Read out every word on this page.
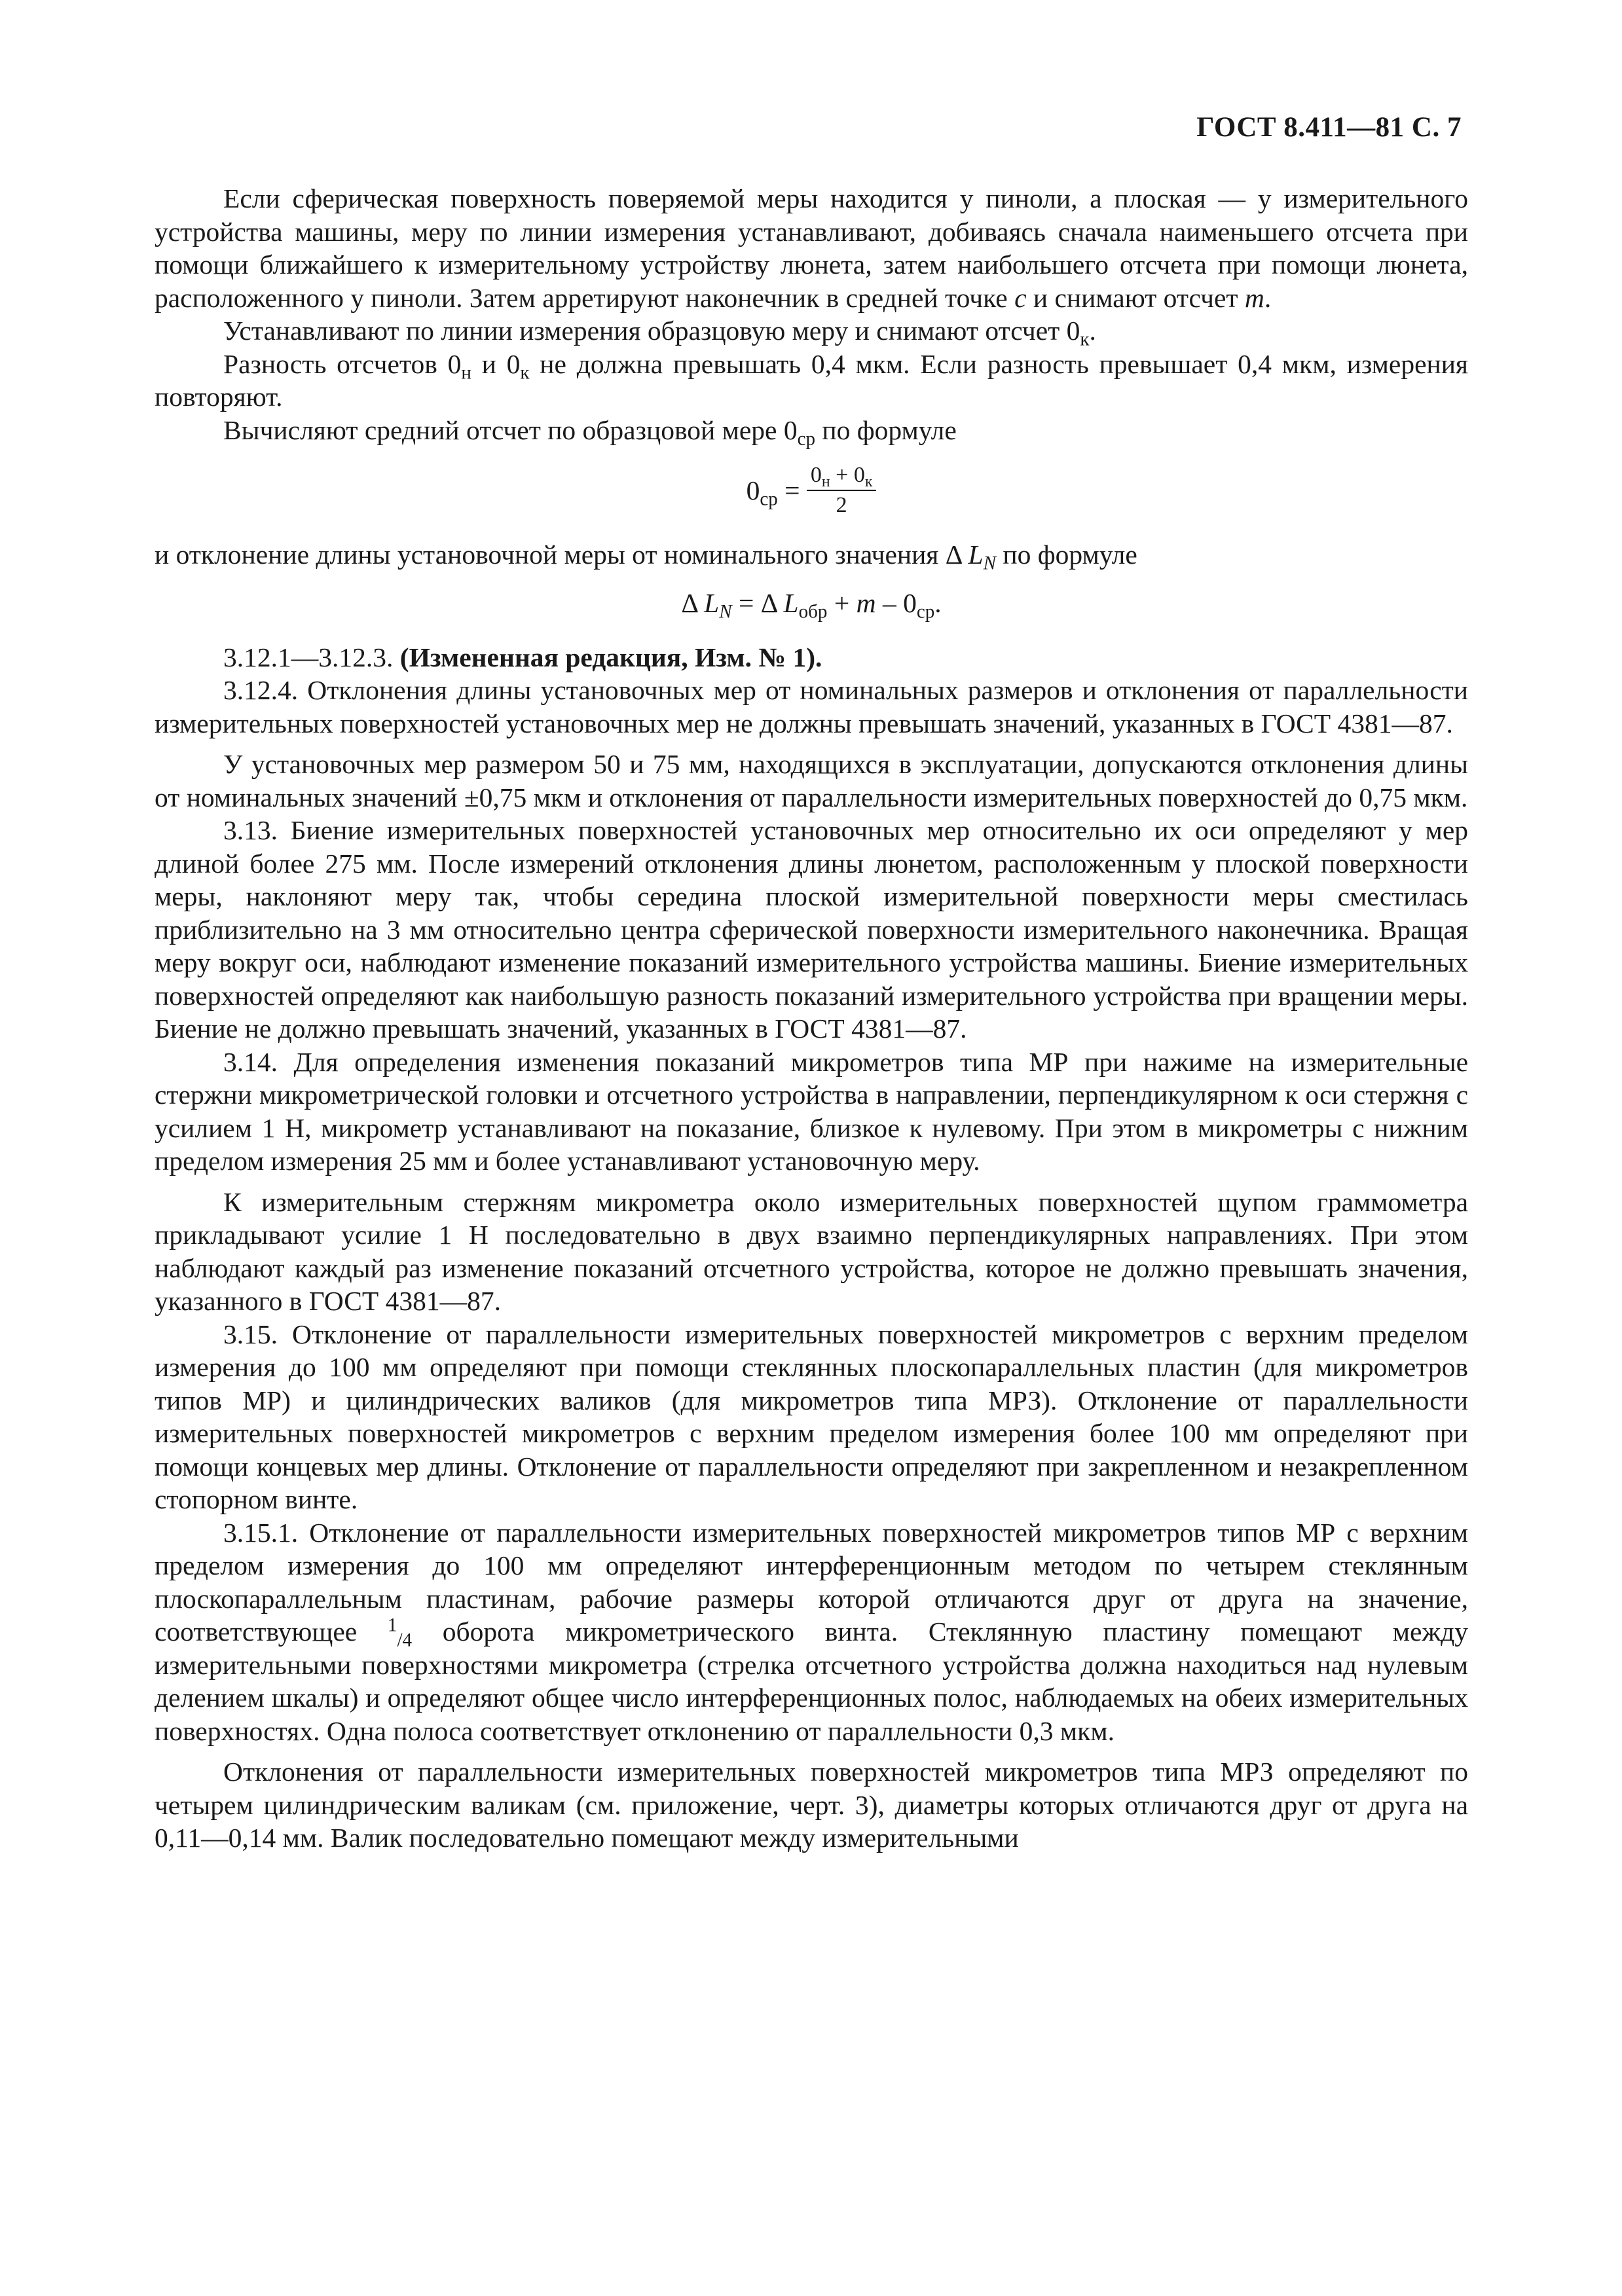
ГОСТ 8.411—81 С. 7

Если сферическая поверхность поверяемой меры находится у пиноли, а плоская — у измерительного устройства машины, меру по линии измерения устанавливают, добиваясь сначала наименьшего отсчета при помощи ближайшего к измерительному устройству люнета, затем наибольшего отсчета при помощи люнета, расположенного у пиноли. Затем арретируют наконечник в средней точке c и снимают отсчет m.

Устанавливают по линии измерения образцовую меру и снимают отсчет $0_к$.

Разность отсчетов $0_н$ и $0_к$ не должна превышать 0,4 мкм. Если разность превышает 0,4 мкм, измерения повторяют.

Вычисляют средний отсчет по образцовой мере $0_{ср}$ по формуле

$0_{ср} = \frac{0_н + 0_к}{2}$

и отклонение длины установочной меры от номинального значения Δ $L_N$ по формуле

Δ $L_N = \Delta$ $L_{обр} + m - 0_{ср}$.

3.12.1—3.12.3. (Измененная редакция, Изм. № 1).

3.12.4. Отклонения длины установочных мер от номинальных размеров и отклонения от параллельности измерительных поверхностей установочных мер не должны превышать значений, указанных в ГОСТ 4381—87.

У установочных мер размером 50 и 75 мм, находящихся в эксплуатации, допускаются отклонения длины от номинальных значений ±0,75 мкм и отклонения от параллельности измерительных поверхностей до 0,75 мкм.

3.13. Биение измерительных поверхностей установочных мер относительно их оси определяют у мер длиной более 275 мм. После измерений отклонения длины люнетом, расположенным у плоской поверхности меры, наклоняют меру так, чтобы середина плоской измерительной поверхности меры сместилась приблизительно на 3 мм относительно центра сферической поверхности измерительного наконечника. Вращая меру вокруг оси, наблюдают изменение показаний измерительного устройства машины. Биение измерительных поверхностей определяют как наибольшую разность показаний измерительного устройства при вращении меры. Биение не должно превышать значений, указанных в ГОСТ 4381—87.

3.14. Для определения изменения показаний микрометров типа МР при нажиме на измерительные стержни микрометрической головки и отсчетного устройства в направлении, перпендикулярном к оси стержня с усилием 1 Н, микрометр устанавливают на показание, близкое к нулевому. При этом в микрометры с нижним пределом измерения 25 мм и более устанавливают установочную меру.

К измерительным стержням микрометра около измерительных поверхностей щупом граммометра прикладывают усилие 1 Н последовательно в двух взаимно перпендикулярных направлениях. При этом наблюдают каждый раз изменение показаний отсчетного устройства, которое не должно превышать значения, указанного в ГОСТ 4381—87.

3.15. Отклонение от параллельности измерительных поверхностей микрометров с верхним пределом измерения до 100 мм определяют при помощи стеклянных плоскопараллельных пластин (для микрометров типов МР) и цилиндрических валиков (для микрометров типа МРЗ). Отклонение от параллельности измерительных поверхностей микрометров с верхним пределом измерения более 100 мм определяют при помощи концевых мер длины. Отклонение от параллельности определяют при закрепленном и незакрепленном стопорном винте.

3.15.1. Отклонение от параллельности измерительных поверхностей микрометров типов МР с верхним пределом измерения до 100 мм определяют интерференционным методом по четырем стеклянным плоскопараллельным пластинам, рабочие размеры которой отличаются друг от друга на значение, соответствующее $^1_{/4}$ оборота микрометрического винта. Стеклянную пластину помещают между измерительными поверхностями микрометра (стрелка отсчетного устройства должна находиться над нулевым делением шкалы) и определяют общее число интерференционных полос, наблюдаемых на обеих измерительных поверхностях. Одна полоса соответствует отклонению от параллельности 0,3 мкм.

Отклонения от параллельности измерительных поверхностей микрометров типа МРЗ определяют по четырем цилиндрическим валикам (см. приложение, черт. 3), диаметры которых отличаются друг от друга на 0,11—0,14 мм. Валик последовательно помещают между измерительными
